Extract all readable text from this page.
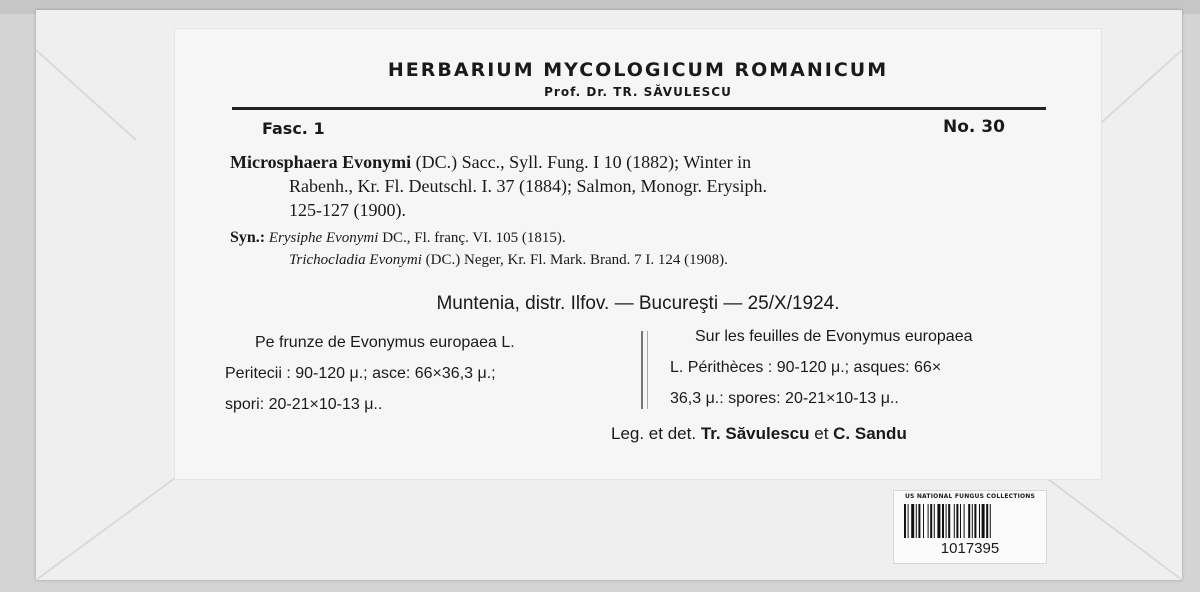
HERBARIUM MYCOLOGICUM ROMANICUM
Prof. Dr. TR. SĂVULESCU
Fasc. 1	No. 30
Microsphaera Evonymi (DC.) Sacc., Syll. Fung. I 10 (1882); Winter in
Rabenh., Kr. Fl. Deutschl. I. 37 (1884); Salmon, Monogr. Erysiph.
125-127 (1900).
Syn.: Erysiphe Evonymi DC., Fl. franç. VI. 105 (1815).
Trichocladia Evonymi (DC.) Neger, Kr. Fl. Mark. Brand. 7 I. 124 (1908).
Muntenia, distr. Ilfov. — Bucureşti — 25/X/1924.
Pe frunze de Evonymus europaea L.
Peritecii : 90-120 μ.; asce: 66×36,3 μ.;
spori: 20-21×10-13 μ..
Sur les feuilles de Evonymus europaea
L. Périthèces : 90-120 μ.; asques: 66×
36,3 μ.: spores: 20-21×10-13 μ..
Leg. et det. Tr. Săvulescu et C. Sandu
US NATIONAL FUNGUS COLLECTIONS
1017395
